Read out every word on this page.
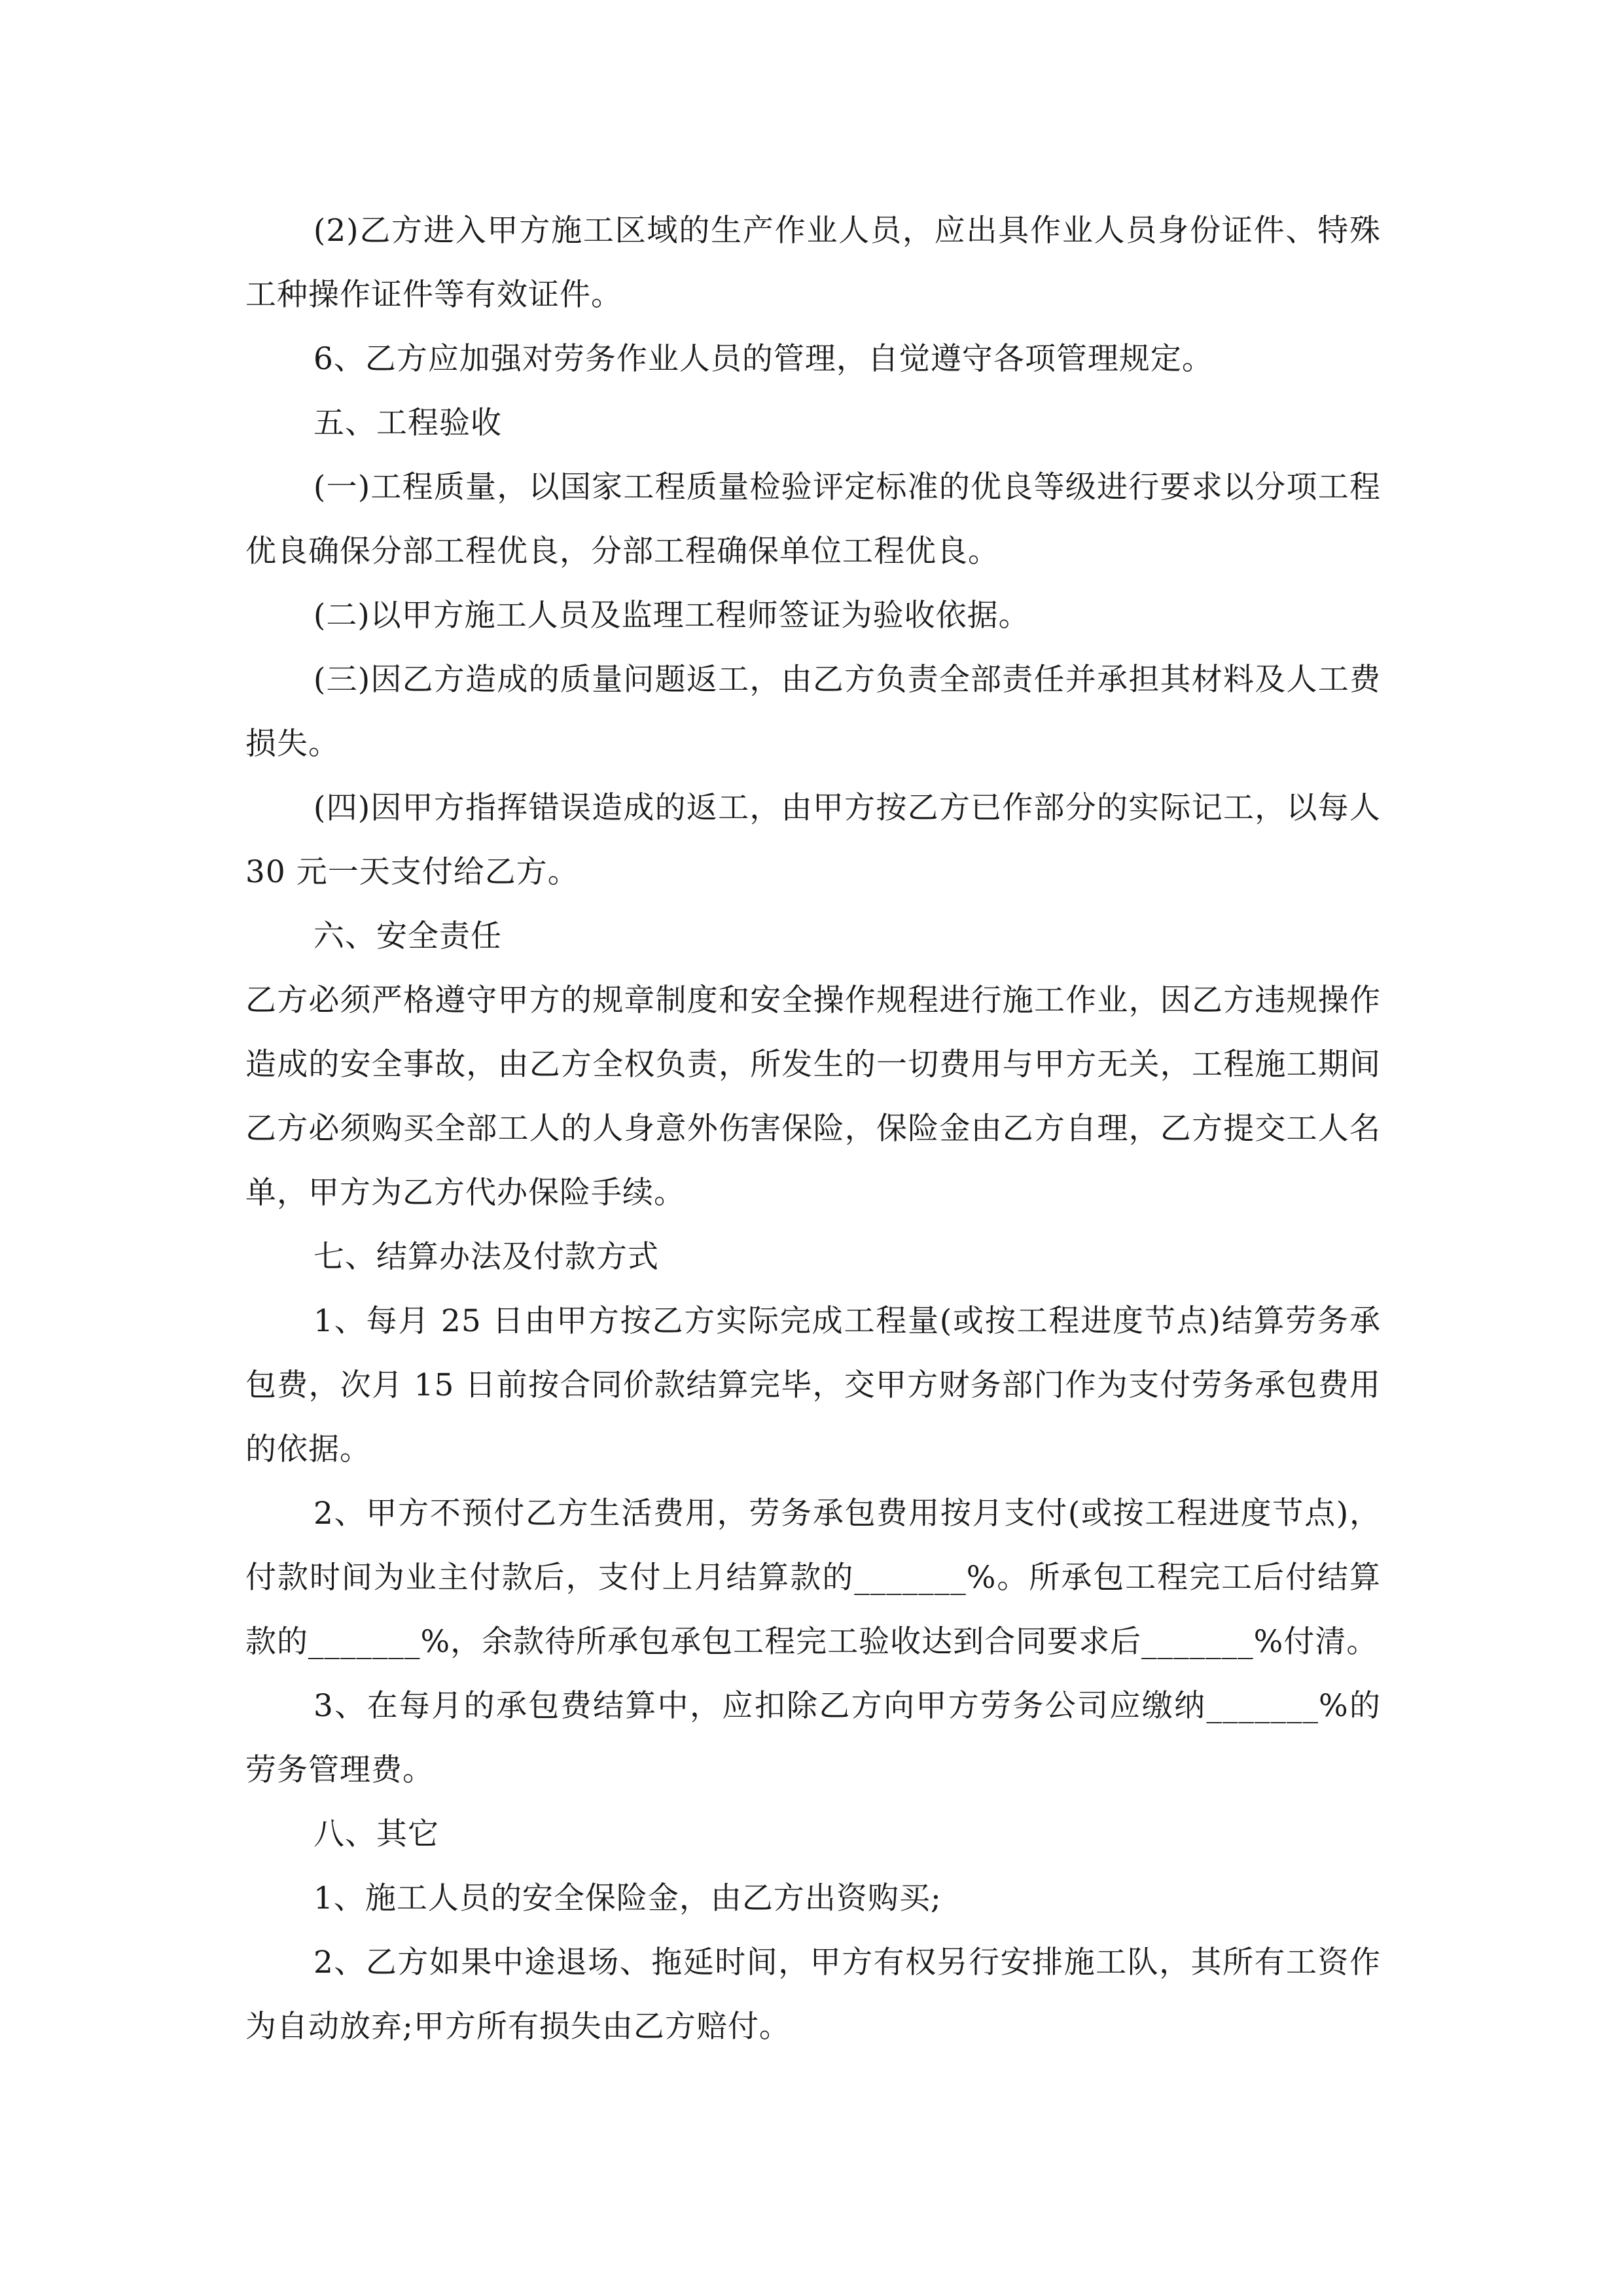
(2)乙方进入甲方施工区域的生产作业人员，应出具作业人员身份证件、特殊工种操作证件等有效证件。

6、乙方应加强对劳务作业人员的管理，自觉遵守各项管理规定。

五、工程验收

(一)工程质量，以国家工程质量检验评定标准的优良等级进行要求以分项工程优良确保分部工程优良，分部工程确保单位工程优良。

(二)以甲方施工人员及监理工程师签证为验收依据。

(三)因乙方造成的质量问题返工，由乙方负责全部责任并承担其材料及人工费损失。

(四)因甲方指挥错误造成的返工，由甲方按乙方已作部分的实际记工，以每人 30 元一天支付给乙方。

六、安全责任

乙方必须严格遵守甲方的规章制度和安全操作规程进行施工作业，因乙方违规操作造成的安全事故，由乙方全权负责，所发生的一切费用与甲方无关，工程施工期间乙方必须购买全部工人的人身意外伤害保险，保险金由乙方自理，乙方提交工人名单，甲方为乙方代办保险手续。

七、结算办法及付款方式

1、每月 25 日由甲方按乙方实际完成工程量(或按工程进度节点)结算劳务承包费，次月 15 日前按合同价款结算完毕，交甲方财务部门作为支付劳务承包费用的依据。

2、甲方不预付乙方生活费用，劳务承包费用按月支付(或按工程进度节点)，付款时间为业主付款后，支付上月结算款的_______%。所承包工程完工后付结算款的_______%，余款待所承包承包工程完工验收达到合同要求后_______%付清。

3、在每月的承包费结算中，应扣除乙方向甲方劳务公司应缴纳_______%的劳务管理费。

八、其它

1、施工人员的安全保险金，由乙方出资购买;

2、乙方如果中途退场、拖延时间，甲方有权另行安排施工队，其所有工资作为自动放弃;甲方所有损失由乙方赔付。
